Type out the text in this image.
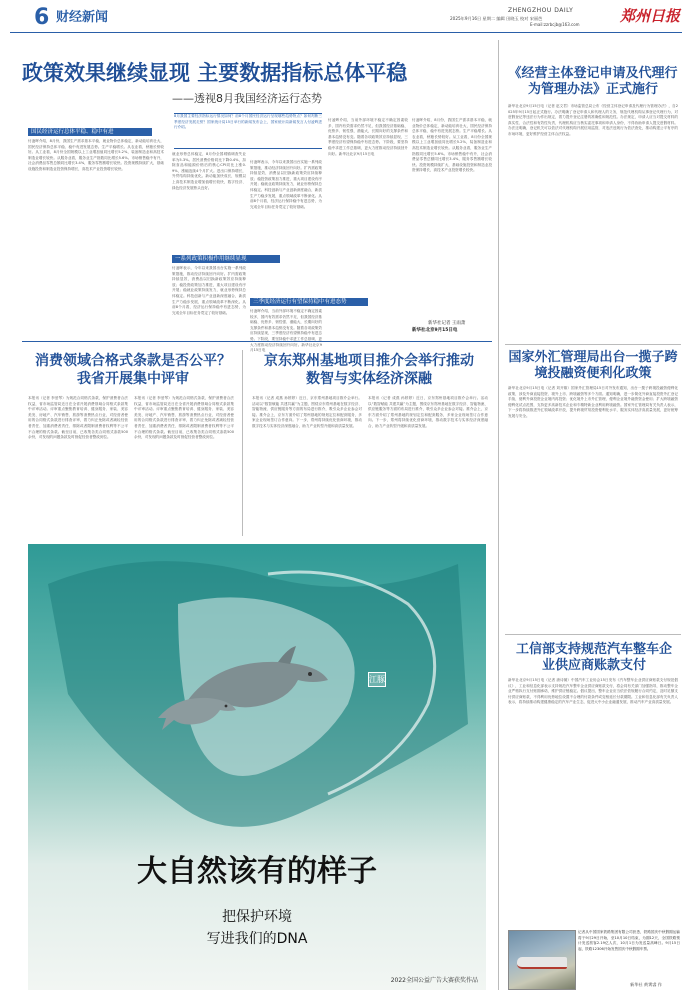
6 财经新闻	ZHENGZHOU DAILY
2025年9月16日 星期二 编辑 田晓玉 校对 宋丽芭
E-mail:zzrbcjb@163.com	郑州日报
政策效果继续显现 主要数据指标总体平稳
——透视8月我国经济运行态势
8月我国主要经济指标运行情况如何？前8个月国民经济运行呈现哪些趋势特点？如何判断三季度经济发展走势？国家统计局15日举行的新闻发布会上，国家统计局新闻发言人付凌晖进行介绍。
国民经济运行总体平稳、稳中有进
付凌晖介绍，8月份，我国生产需求基本平稳，就业物价总体稳定，新动能培育壮大，国民经济保持总体平稳、稳中有进发展态势。生产平稳增长。从农业看，秋粮长势较好。从工业看，8月份全国规模以上工业增加值同比增长5.2%，装备制造业和高技术制造业增长较快。从服务业看，服务业生产指数同比增长5.6%。市场销售稳中有升，社会消费品零售总额同比增长3.4%，服务零售额增长较快。投资规模持续扩大，基础设施投资和制造业投资保持增长，高技术产业投资增长较快。
就业形势总体稳定，8月份全国城镇调查失业率为5.3%。居民消费价格同比下降0.4%，扣除食品和能源价格后的核心CPI同比上涨0.9%，涨幅连续4个月扩大。进出口保持增长，外贸结构持续优化。新动能加快成长，规模以上高技术制造业增加值增长较快，数字经济、绿色经济发展势头良好。
一系列政策积极作用继续显现
付凌晖表示，今年以来我国出台实施一系列政策措施，推动经济持续回升向好。扩内需政策持续显效，消费品以旧换新政策效应持续释放；稳投资政策加力推进，重大项目建设有序开展；稳就业政策持续发力，就业形势保持总体稳定。科技创新与产业创新深度融合，新质生产力稳步发展，重点领域改革不断深化。从前8个月看，经济运行保持稳中有进态势，为完成全年目标任务奠定了较好基础。
付凌晖表示，今年以来我国出台实施一系列政策措施，推动经济持续回升向好。扩内需政策持续显效，消费品以旧换新政策效应持续释放；稳投资政策加力推进，重大项目建设有序开展；稳就业政策持续发力，就业形势保持总体稳定。科技创新与产业创新深度融合，新质生产力稳步发展，重点领域改革不断深化。从前8个月看，经济运行保持稳中有进态势，为完成全年目标任务奠定了较好基础。
三季度经济运行有望保持稳中有进态势
付凌晖介绍，当前外部环境不稳定不确定因素较多，国内有效需求仍然不足，但我国经济基础稳、优势多、韧性强、潜能大，长期向好的支撑条件和基本趋势没有变。随着各项政策效应持续显现，三季度经济有望保持稳中有进态势。下阶段，要坚持稳中求进工作总基调，更大力度推动经济持续回升向好。新华社北京9月15日电
付凌晖介绍，当前外部环境不稳定不确定因素较多，国内有效需求仍然不足，但我国经济基础稳、优势多、韧性强、潜能大，长期向好的支撑条件和基本趋势没有变。随着各项政策效应持续显现，三季度经济有望保持稳中有进态势。下阶段，要坚持稳中求进工作总基调，更大力度推动经济持续回升向好。新华社北京9月15日电
付凌晖介绍，8月份，我国生产需求基本平稳，就业物价总体稳定，新动能培育壮大，国民经济保持总体平稳、稳中有进发展态势。生产平稳增长。从农业看，秋粮长势较好。从工业看，8月份全国规模以上工业增加值同比增长5.2%，装备制造业和高技术制造业增长较快。从服务业看，服务业生产指数同比增长5.6%。市场销售稳中有升，社会消费品零售总额同比增长3.4%，服务零售额增长较快。投资规模持续扩大，基础设施投资和制造业投资保持增长，高技术产业投资增长较快。
新华社记者 王雨萧
新华社北京9月15日电
《经营主体登记申请及代理行为管理办法》正式施行
新华社北京9月15日电（记者 赵文君）市场监管总局公布《经营主体登记申请及代理行为管理办法》，自2025年9月15日起正式施行。办法明确了登记申请人和代理人的义务，规范代理机构从事登记代理行为，对虚假登记等违法行为作出规定，着力提升登记注册的准确性和规范性。办法规定，申请人应当对提交材料的真实性、合法性和有效性负责，代理机构应当核实委托事项和申请人身份，不得协助申请人提交虚假材料。办法还明确，登记机关可以依法对代理机构开展信用监管，对违法违规行为依法查处，推动构建公平有序的市场环境，更好维护经营主体合法权益。
国家外汇管理局出台一揽子跨境投融资便利化政策
新华社北京9月15日电（记者 刘开雄）国家外汇管理局15日对外发布通知，出台一揽子跨境投融资便利化政策，涉及外商直接投资、境外上市、跨境融资等多个方面。通知明确，进一步简化外商直接投资外汇登记手续，便利外商投资企业境内再投资；优化境外上市外汇管理，便利企业境外融资资金使用；扩大跨境融资便利化试点范围，支持更多高新技术企业和专精特新企业利用跨境融资。国家外汇管理局有关负责人表示，下一步将持续推进外汇领域改革开放，提升跨境贸易投资便利化水平，服务实体经济高质量发展，更好统筹发展与安全。
工信部支持规范汽车整车企业供应商账款支付
新华社北京9月15日电（记者 唐诗凝）中国汽车工业协会15日发布《汽车整车企业供应商账款支付规范倡议》，工业和信息化部表示支持规范汽车整车企业供应商账款支付，将会同有关部门加强指导，推动整车企业严格执行支付账期承诺，维护供应链稳定。倡议提出，整车企业应当依法依规履行合同约定，及时足额支付供应商账款，不得利用优势地位设置不合理的付款条件或变相延长付款期限。工业和信息化部有关负责人表示，将持续推动构建健康稳定的汽车产业生态，促进大中小企业融通发展，推动汽车产业高质量发展。
记者从中国国家铁路集团有限公司获悉，铁路国庆中秋假期运输将于9月29日开始，至10月10日结束，为期12天，全国铁路预计发送旅客2.19亿人次，10月1日为发送量高峰日。9月15日起，铁路12306开始发售国庆中秋假期车票。
新华社 黄霄睿 作
消费领域合格式条款是否公平？我省开展集中评审
本报讯（记者 李爱琴）为规范合同格式条款，保护消费者合法权益，省市场监管局近日在全省开展消费领域合同格式条款集中评审活动。评审重点聚焦教育培训、健身服务、家装、美容美发、房地产、汽车销售、旅游等消费热点行业，对经营者使用的合同格式条款进行排查评审，着力纠正免除或者减轻经营者责任、加重消费者责任、排除或者限制消费者权利等不公平不合理的格式条款。截至目前，已收集各类合同格式条款500余份，对发现的问题条款及时督促经营者整改到位。
本报讯（记者 李爱琴）为规范合同格式条款，保护消费者合法权益，省市场监管局近日在全省开展消费领域合同格式条款集中评审活动。评审重点聚焦教育培训、健身服务、家装、美容美发、房地产、汽车销售、旅游等消费热点行业，对经营者使用的合同格式条款进行排查评审，着力纠正免除或者减轻经营者责任、加重消费者责任、排除或者限制消费者权利等不公平不合理的格式条款。截至目前，已收集各类合同格式条款500余份，对发现的问题条款及时督促经营者整改到位。
京东郑州基地项目推介会举行推动数智与实体经济深融
本报讯（记者 成燕 孙婷婷）近日，京东郑州基地项目推介会举行。活动以“数智赋能 共建共赢”为主题，围绕京东郑州基地在数字经济、智能物流、供应链服务等方面的布局进行推介，吸引众多企业参会对接。推介会上，京东方面介绍了郑州基地的规划定位和配套服务，多家企业现场签订合作意向。下一步，郑州将持续优化营商环境，推动数字技术与实体经济深度融合，助力产业转型升级和高质量发展。
本报讯（记者 成燕 孙婷婷）近日，京东郑州基地项目推介会举行。活动以“数智赋能 共建共赢”为主题，围绕京东郑州基地在数字经济、智能物流、供应链服务等方面的布局进行推介，吸引众多企业参会对接。推介会上，京东方面介绍了郑州基地的规划定位和配套服务，多家企业现场签订合作意向。下一步，郑州将持续优化营商环境，推动数字技术与实体经济深度融合，助力产业转型升级和高质量发展。
江豚
大自然该有的样子
把保护环境
写进我们的DNA
2022全国公益广告大赛获奖作品
